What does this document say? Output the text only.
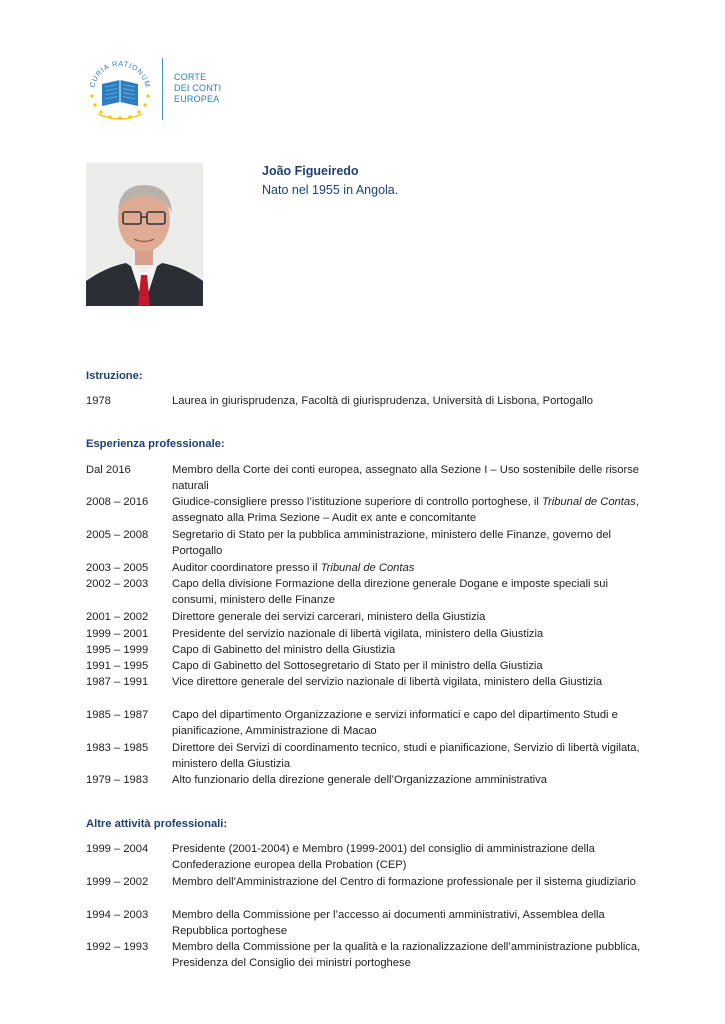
CURIA RATIONUM
CORTE
DEI CONTI
EUROPEA
João Figueiredo
Nato nel 1955 in Angola.
Istruzione:
1978	Laurea in giurisprudenza, Facoltà di giurisprudenza, Università di Lisbona, Portogallo
Esperienza professionale:
Dal 2016	Membro della Corte dei conti europea, assegnato alla Sezione I – Uso sostenibile delle risorse naturali
2008 – 2016	Giudice-consigliere presso l’istituzione superiore di controllo portoghese, il Tribunal de Contas, assegnato alla Prima Sezione – Audit ex ante e concomitante
2005 – 2008	Segretario di Stato per la pubblica amministrazione, ministero delle Finanze, governo del Portogallo
2003 – 2005	Auditor coordinatore presso il Tribunal de Contas
2002 – 2003	Capo della divisione Formazione della direzione generale Dogane e imposte speciali sui consumi, ministero delle Finanze
2001 – 2002	Direttore generale dei servizi carcerari, ministero della Giustizia
1999 – 2001	Presidente del servizio nazionale di libertà vigilata, ministero della Giustizia
1995 – 1999	Capo di Gabinetto del ministro della Giustizia
1991 – 1995	Capo di Gabinetto del Sottosegretario di Stato per il ministro della Giustizia
1987 – 1991	Vice direttore generale del servizio nazionale di libertà vigilata, ministero della Giustizia
1985 – 1987	Capo del dipartimento Organizzazione e servizi informatici e capo del dipartimento Studi e pianificazione, Amministrazione di Macao
1983 – 1985	Direttore dei Servizi di coordinamento tecnico, studi e pianificazione, Servizio di libertà vigilata, ministero della Giustizia
1979 – 1983	Alto funzionario della direzione generale dell’Organizzazione amministrativa
Altre attività professionali:
1999 – 2004	Presidente (2001-2004) e Membro (1999-2001) del consiglio di amministrazione della Confederazione europea della Probation (CEP)
1999 – 2002	Membro dell’Amministrazione del Centro di formazione professionale per il sistema giudiziario
1994 – 2003	Membro della Commissione per l’accesso ai documenti amministrativi, Assemblea della Repubblica portoghese
1992 – 1993	Membro della Commissione per la qualità e la razionalizzazione dell’amministrazione pubblica, Presidenza del Consiglio dei ministri portoghese
